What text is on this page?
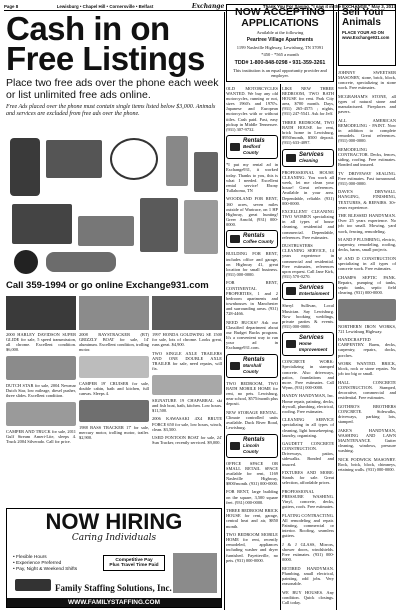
Page 8	Lewisburg • Chapel Hill • Cornersville • Belfast	Exchange	Thank You For Saying, "I saw it in the EXCHANGE," May 3, 2017
Cash in on Free Listings
Place two free ads over the phone each week or list unlimited free ads online.
Free Ads placed over the phone must contain single items listed below $3,000. Animals and services are excluded from free ads over the phone.
Call 359-1994 or go online Exchange931.com

2000 HARLEY DAVIDSON SUPER GLIDE for sale, 5 speed transmission, all chrome. Excellent condition. $6,000.

DUTCH STAR for sale, 2004 Newmar Dutch Star, low mileage, diesel pusher, three slides. Excellent condition.

CAMPER AND TRUCK for sale, 2011 Gulf Stream Ameri-Lite, sleeps 4. Truck 2004 Silverado. Call for price.

2008 BAYSTRACKER (BT) GRIZZLY BOAT for sale, 14' aluminum. Excellent condition, trolling motor.

CAMPER 19' CRUISER for sale, double cabin, bath and kitchen, full canvas. Sleeps 4.

1988 BASS TRACKER 17' for sale, mercury motor, trolling motor, trailer. $2,900.

1997 HONDA GOLDWING SE 1500 for sale, lots of chrome. Looks great, runs great. $4,900.

TWO SINGLE AXLE TRAILERS AND ONE DOUBLE AXLE TRAILER for sale, need repairs, will fix.

SIGNATURE 19 CHAPARRAL ski and fish boat, bath, kitchen. Low hours. $11,500.

2006 KAWASAKI 4X4 BRUTE FORCE 650 for sale, low hours, winch, clean. $3,500.

USED PONTOON BOAT for sale, 24' Sun Tracker, recently serviced. $9,000.

NOW HIRING
Caring Individuals
• Flexible Hours
• Experience Preferred
• Pay, Night & Weekend Shifts
Competitive Pay
Plus Travel Time Paid
Family Staffing Solutions, Inc.
WWW.FAMILYSTAFFING.COM
NOW ACCEPTING APPLICATIONS
Available at the following
Peartree Village Apartments
1199 Nashville Highway, Lewisburg, TN 37091
*450 - *565 a month
TDD# 1-800-848-0298 • 931-359-3261
This institution is an equal opportunity provider and employer.
Sell Your Animals
PLACE YOUR AD ON www.Exchange931.com

OLD MOTORCYCLES WANTED. We buy any old motorcycles, running or not, sizes 1960's and 1970's. Japanese and European motorcycles with or without titles. Cash paid. Fast, easy pickup in Middle Tennessee. (931) 307-9732.

Rentals
Bedford County

*I put my rental ad in Exchange931, it worked today. Thanks to you, this is what I needed. Excellent rental service! Ebony Tullahoma, TN

WOODLAND FOR RENT, 160 acres, seven miles outside of Wartrace, on 1 HP Highway, great hunting! Greer Arnold, (931) 000-0000.

Rentals
Coffee County

BUILDING FOR RENT, includes office and garage, on Highway 41, great location for small business. (931) 000-0000.

FOR RENT, CONTINENTAL PROPERTIES, 1 and 2 bedroom apartments and townhouses in Manchester and surrounding areas. (931) 728-4466.

NEED BUCKS? Ask our Classified department about our Budget Bucks program. It's a convenient way to run your ad in Exchange931.com.

Rentals
Marshall County

TWO BEDROOM, TWO BATH MOBILE HOME for rent, no pets. Lewisburg, near school, $575/month plus deposit.

NEW STORAGE RENTAL. Climate controlled units available. Duck River Road, Lewisburg.

Rentals
Lincoln County

OFFICE SPACE OR SMALL RETAIL SPACE available for rent, 1169 Nashville Highway, $800/month. (931) 000-0000.

FOR RENT, large building on the square, 3,500 square feet. (931) 000-0000.

THREE BEDROOM BRICK HOUSE for rent, garage, central heat and air, $850 month.

TWO BEDROOM MOBILE HOME for rent, recently remodeled, appliances including washer and dryer furnished. Fayetteville, no pets. (931) 000-0000.

LIKE NEW THREE BEDROOM, TWO BATH HOUSE for rent. Park City area, $700 month. Days, (931) 265-4575 ; nights, (931) 247-5541. Ask for Jeff.

THREE BEDROOM, TWO BATH HOUSE for rent, brick home in Lewisburg, $950/month, $500 deposit. (931) 633-4097.

Services
Cleaning

PROFESSIONAL HOUSE CLEANING. You work all week, let me clean your house! Great references. Available in your area. Dependable, reliable. (931) 000-0000.

EXCELLENT CLEANING TWO WOMEN specializing in all types of house cleaning, residential and commercial. Dependable, references. Free estimates.

DUSTBUSTERS CLEANING SERVICE, 14 years experience in commercial and residential. Free estimates, references upon request. Call Jane Kirk, (931) 570-0270.

Services
Entertainment

Sheryl Sullivan, Local Musician. Say Lewisburg. Now booking weddings, private parties & events. (931) 000-0000.

Services
Home Improvement

CONCRETE WORK: Specializing in stamped concrete. Also driveways, patios, foundations and more. Free estimates. Call Wynn, (931) 000-0000.

HANDY HANDYMAN, Inc. Home repair, painting, decks, drywall, plumbing, electrical, roofing. Free estimates.

CLEANING SERVICE specializing in all types of cleaning, light housekeeping, laundry, organizing.

GAUDETT CONCRETE CONSTRUCTION. Driveways, patios, sidewalks. Bonded and insured.

FIXTURES AND MORE: Stands for sale. Great selection, affordable prices.

PROFESSIONAL PRESSURE WASHING. Vinyl, concrete, decks, gutters, roofs. Free estimates.

PLATING CONTRACTING. All remodeling and repair. Painting, commercial or interior. Roofing, seamless gutters.

J & J GLASS, Mirrors, shower doors, windshields. Free estimates. (931) 000-0000.

RETIRED HANDYMAN. Plumbing, small electrical, painting, odd jobs. Very reasonable.

WE BUY HOUSES. Any condition. Quick closings. Call today.

JOHNNY SWEETSER MASONRY, stone, brick, block, concrete, specializing in stone work. Free estimates.

MCGRAHAM'S STONE, all types of natural stone and manufactured. Fireplaces and pavers.

ALL AMERICAN REMODELING - PAINT. Now in addition to complete remodels. Great references. (931) 000-0000.

REMODELING CONTRACTOR. Decks, fences, siding, roofing. Free estimates. Bonded and insured.

TV DRIVEWAY SEALING. Free estimates. Fast turnaround. (931) 000-0000.

DAVE'S DRYWALL HANGING, FINISHING, TEXTURES, & REPAIRS. 30+ years experience.

THE BLESSED HANDYMAN. Over 25 years experience. No job too small. Mowing, yard work, fencing, remodeling.

M AND P PLUMBING, electric, carpentry, remodeling, roofing, decks, barns, small projects.

W AND D CONSTRUCTION specializing in all types of concrete work. Free estimates.

CHAMPS SEPTIC PANK. Repairs, pumping of tanks, septic tanks, septic field clearing. (931) 000-0000.

NORTHERN IRON WORKS, 721 Lewisburg Highway.

HANDCRAFTED CARPENTRY. Barns, decks, carpentry, repairs, docks, porches.

WORK WANTED. BRICK, block, rock or stone repairs. No job too big or small.

HALL CONCRETE CONSTRUCTION. Stamped, decorative, commercial and residential. Free estimates.

GOTHRO'S BROTHERS CONCRETE. Sidewalks, driveways, parking lots, stamped.

JAKE'S HANDYMAN, WASHING AND LAWN MAINTENANCE. Gutter cleaning, windows, pressure washing.

NICK PODWICK MASONRY. Rock, brick, block, chimneys, retaining walls. (931) 000-0000.
